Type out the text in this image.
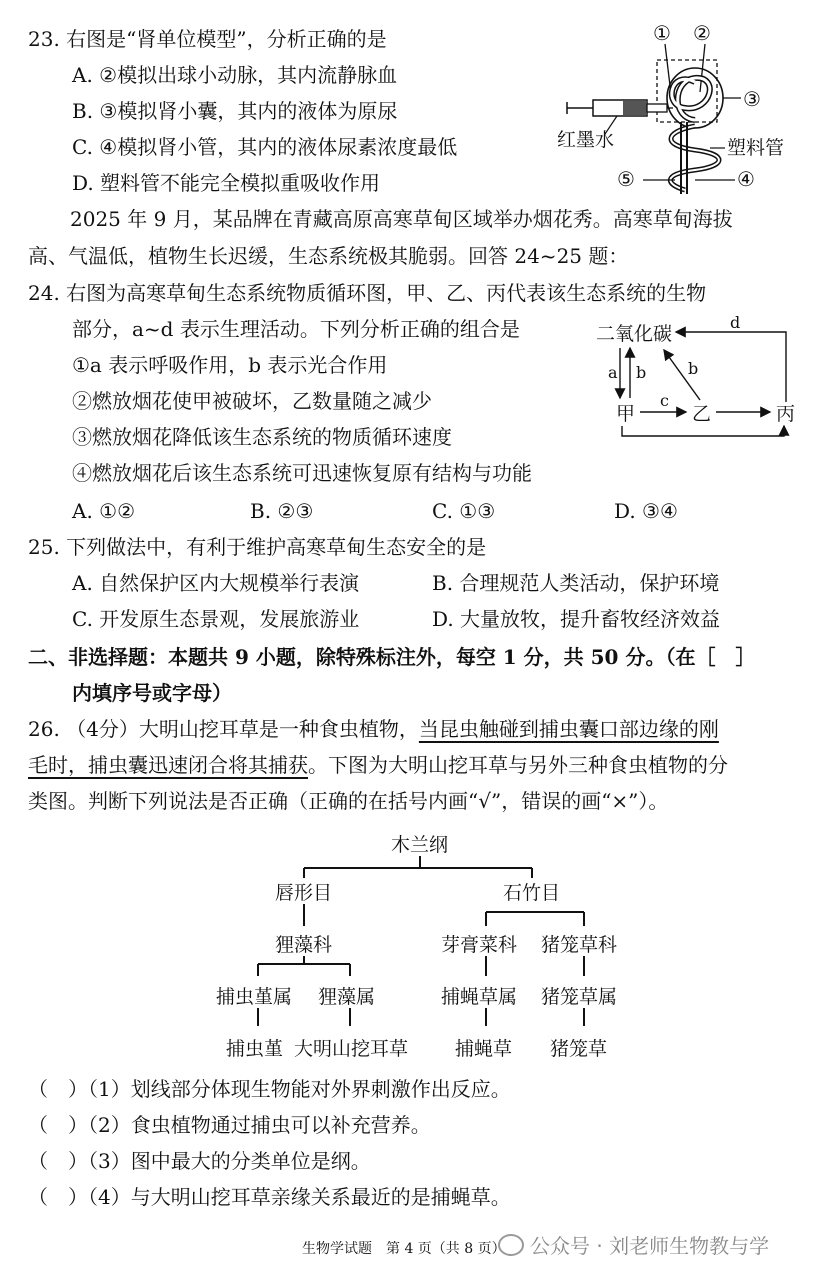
23. 右图是“肾单位模型”，分析正确的是
A. ②模拟出球小动脉，其内流静脉血
B. ③模拟肾小囊，其内的液体为原尿
C. ④模拟肾小管，其内的液体尿素浓度最低
D. 塑料管不能完全模拟重吸收作用
① ②
③
红墨水	塑料管
⑤	④
2025 年 9 月，某品牌在青藏高原高寒草甸区域举办烟花秀。高寒草甸海拔
高、气温低，植物生长迟缓，生态系统极其脆弱。回答 24~25 题：
24. 右图为高寒草甸生态系统物质循环图，甲、乙、丙代表该生态系统的生物
部分，a~d 表示生理活动。下列分析正确的组合是
①a 表示呼吸作用，b 表示光合作用
②燃放烟花使甲被破坏，乙数量随之减少
③燃放烟花降低该生态系统的物质循环速度
④燃放烟花后该生态系统可迅速恢复原有结构与功能
二氧化碳
甲	乙	丙
d
a b	b
c
A. ①②	B. ②③	C. ①③	D. ③④
25. 下列做法中，有利于维护高寒草甸生态安全的是
A. 自然保护区内大规模举行表演	B. 合理规范人类活动，保护环境
C. 开发原生态景观，发展旅游业	D. 大量放牧，提升畜牧经济效益
二、非选择题：本题共 9 小题，除特殊标注外，每空 1 分，共 50 分。（在［　］
内填序号或字母）
26. （4分）大明山挖耳草是一种食虫植物，当昆虫触碰到捕虫囊口部边缘的刚
毛时，捕虫囊迅速闭合将其捕获。下图为大明山挖耳草与另外三种食虫植物的分
类图。判断下列说法是否正确（正确的在括号内画“√”，错误的画“×”）。
木兰纲
唇形目	石竹目
狸藻科	芽膏菜科 猪笼草科
捕虫堇属 狸藻属	捕蝇草属 猪笼草属
捕虫堇 大明山挖耳草 捕蝇草 猪笼草
（　）（1）划线部分体现生物能对外界刺激作出反应。
（　）（2）食虫植物通过捕虫可以补充营养。
（　）（3）图中最大的分类单位是纲。
（　）（4）与大明山挖耳草亲缘关系最近的是捕蝇草。
生物学试题　第 4 页（共 8 页） 公众号 · 刘老师生物教与学
